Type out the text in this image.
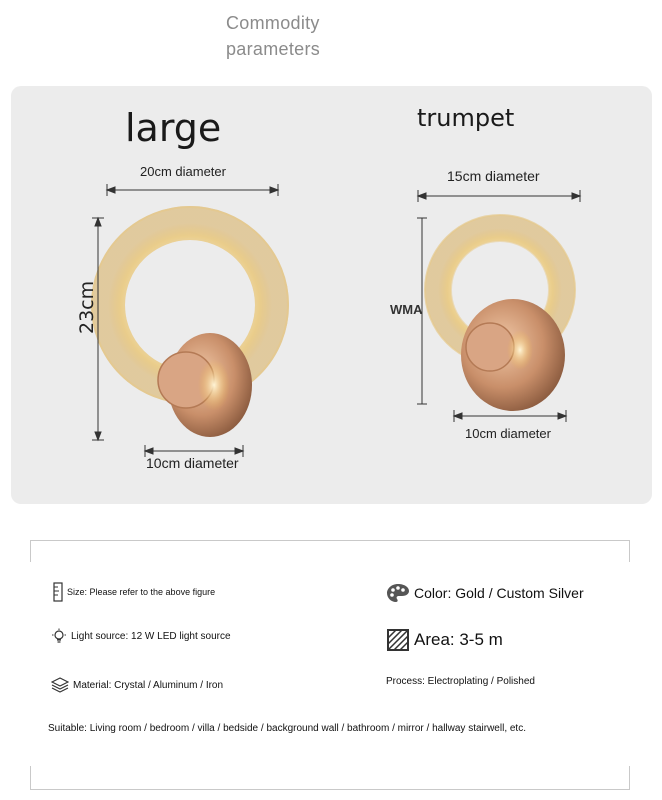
Commodity
parameters
large	trumpet
20cm diameter
23cm
10cm diameter
15cm diameter
WMA
10cm diameter
Size: Please refer to the above figure
Light source: 12 W LED light source
Material: Crystal / Aluminum / Iron
Color: Gold / Custom Silver
Area: 3-5 m
Process: Electroplating / Polished
Suitable: Living room / bedroom / villa / bedside / background wall / bathroom / mirror / hallway stairwell, etc.
